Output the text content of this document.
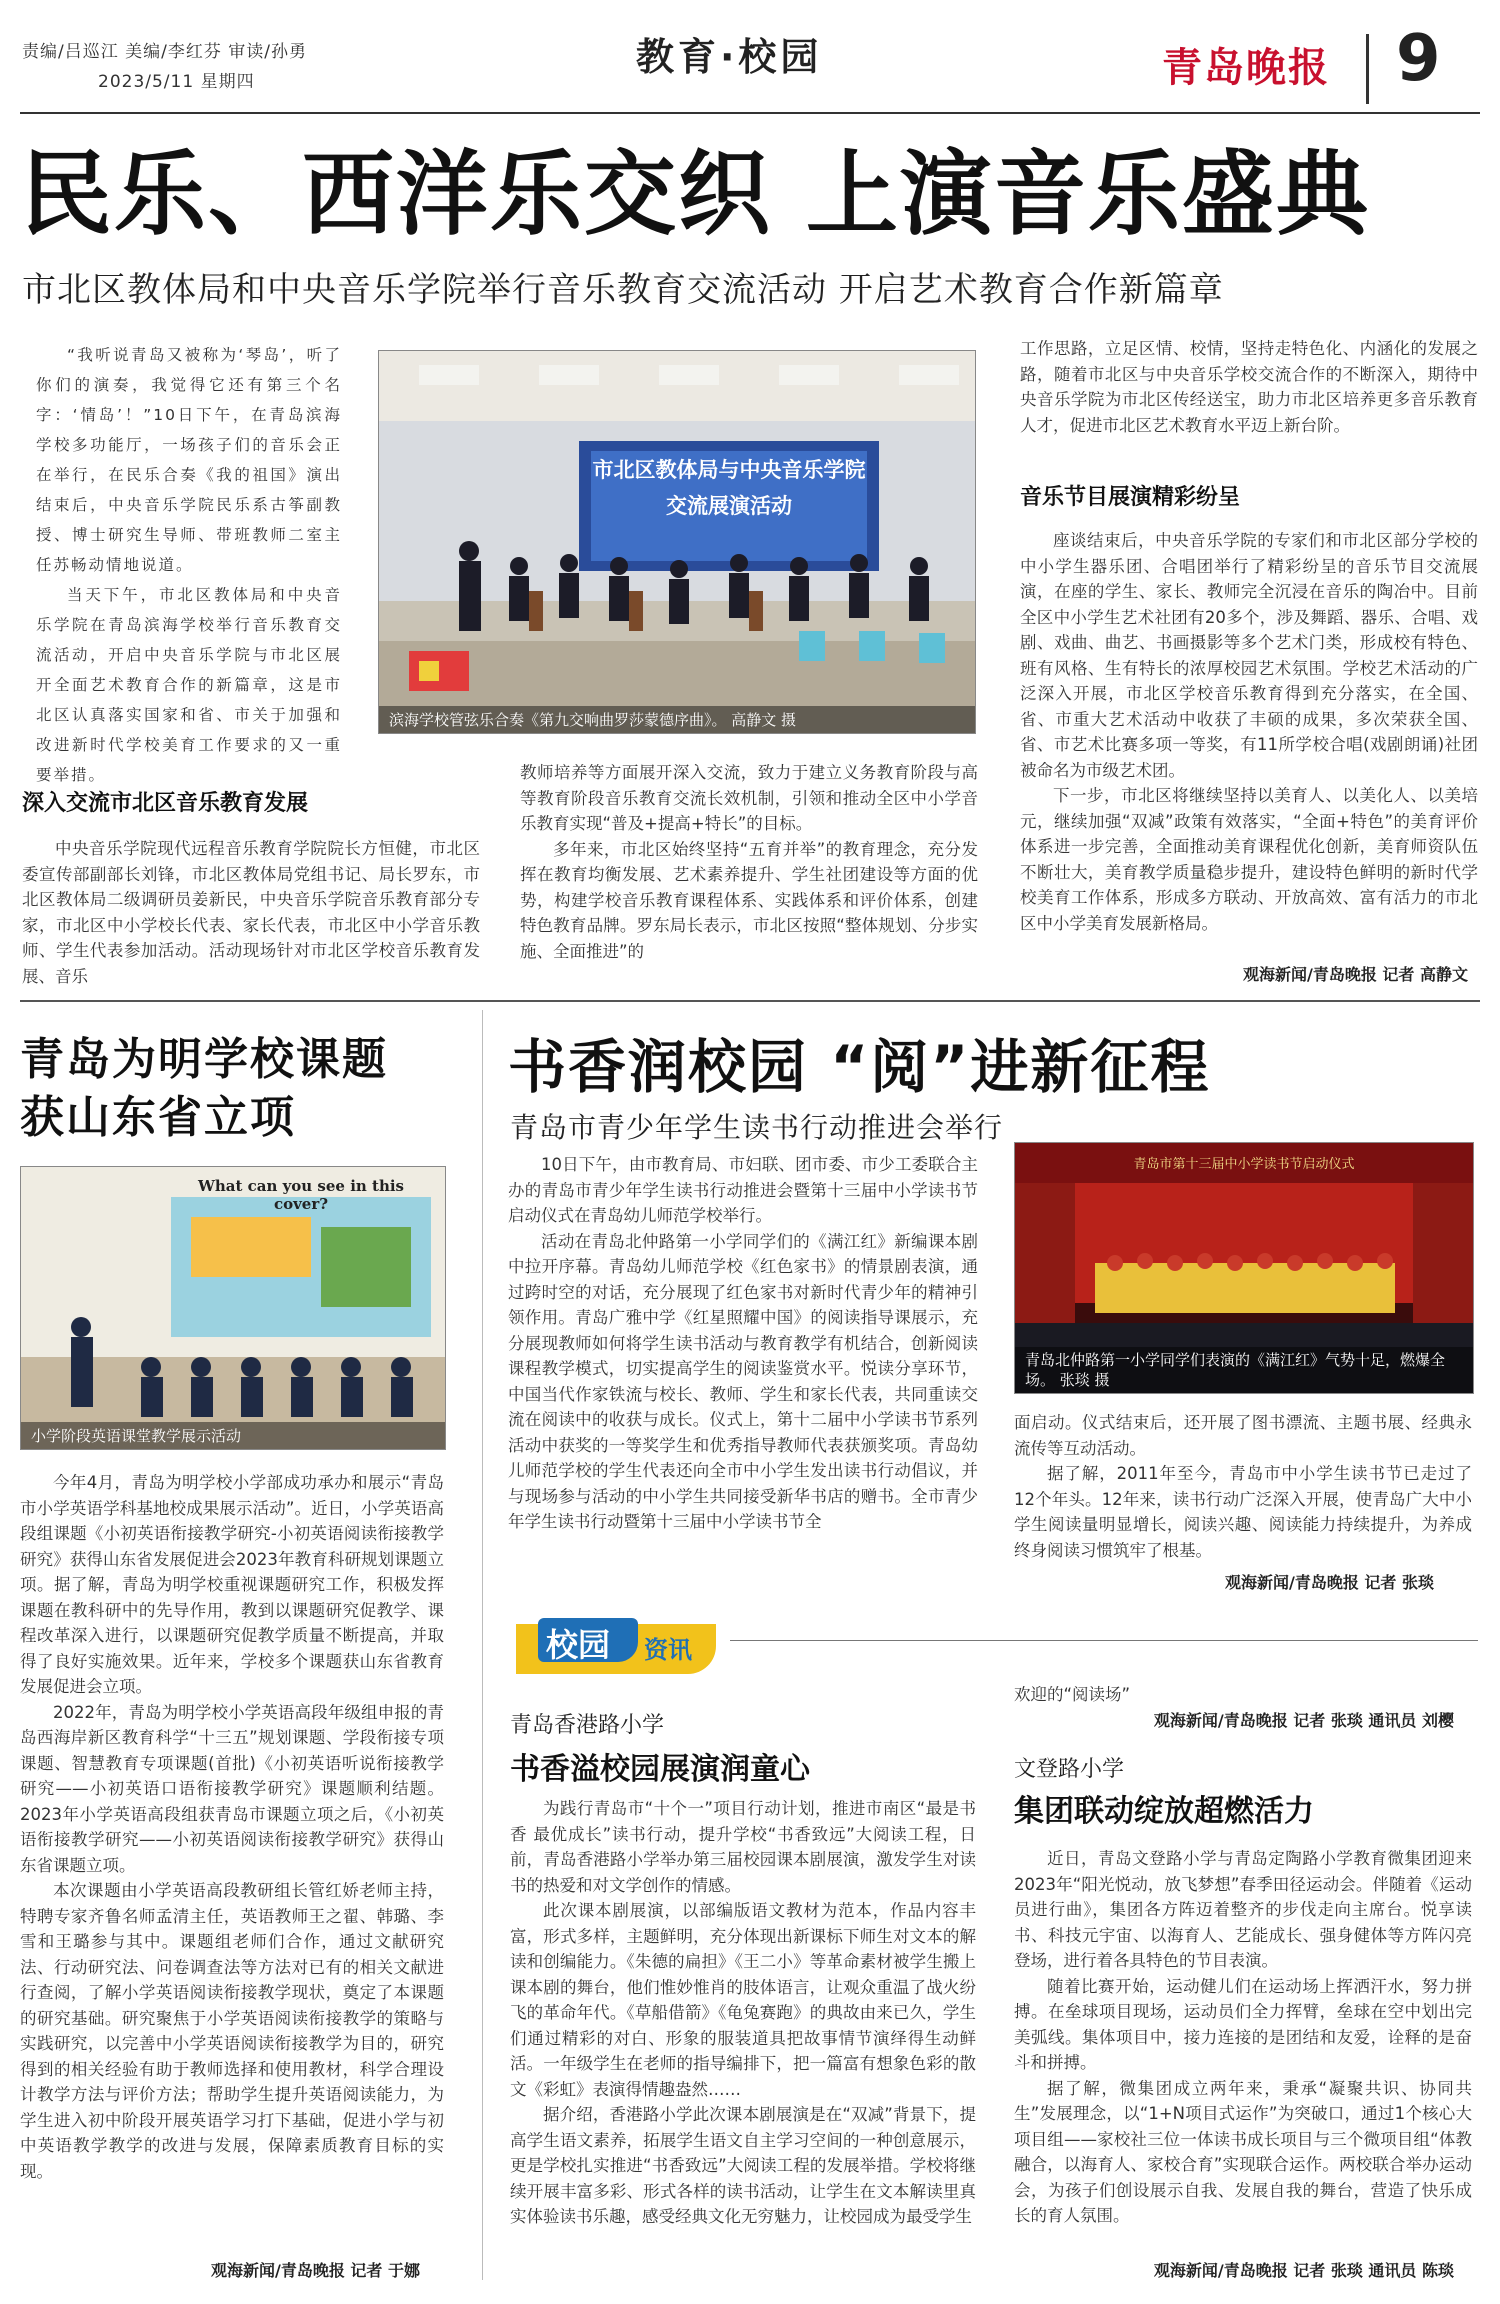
责编/吕巡江 美编/李红芬 审读/孙勇
2023/5/11 星期四
教育·校园	青岛晚报 9
民乐、西洋乐交织 上演音乐盛典
市北区教体局和中央音乐学院举行音乐教育交流活动 开启艺术教育合作新篇章

“我听说青岛又被称为‘琴岛’，听了你们的演奏，我觉得它还有第三个名字：‘情岛’！”10日下午，在青岛滨海学校多功能厅，一场孩子们的音乐会正在举行，在民乐合奏《我的祖国》演出结束后，中央音乐学院民乐系古筝副教授、博士研究生导师、带班教师二室主任苏畅动情地说道。

当天下午，市北区教体局和中央音乐学院在青岛滨海学校举行音乐教育交流活动，开启中央音乐学院与市北区展开全面艺术教育合作的新篇章，这是市北区认真落实国家和省、市关于加强和改进新时代学校美育工作要求的又一重要举措。

市北区教体局与中央音乐学院
交流展演活动
滨海学校管弦乐合奏《第九交响曲罗莎蒙德序曲》。 高静文 摄
深入交流市北区音乐教育发展

中央音乐学院现代远程音乐教育学院院长方恒健，市北区委宣传部副部长刘锋，市北区教体局党组书记、局长罗东，市北区教体局二级调研员姜新民，中央音乐学院音乐教育部分专家，市北区中小学校长代表、家长代表，市北区中小学音乐教师、学生代表参加活动。活动现场针对市北区学校音乐教育发展、音乐

教师培养等方面展开深入交流，致力于建立义务教育阶段与高等教育阶段音乐教育交流长效机制，引领和推动全区中小学音乐教育实现“普及+提高+特长”的目标。

多年来，市北区始终坚持“五育并举”的教育理念，充分发挥在教育均衡发展、艺术素养提升、学生社团建设等方面的优势，构建学校音乐教育课程体系、实践体系和评价体系，创建特色教育品牌。罗东局长表示，市北区按照“整体规划、分步实施、全面推进”的

工作思路，立足区情、校情，坚持走特色化、内涵化的发展之路，随着市北区与中央音乐学校交流合作的不断深入，期待中央音乐学院为市北区传经送宝，助力市北区培养更多音乐教育人才，促进市北区艺术教育水平迈上新台阶。

音乐节目展演精彩纷呈

座谈结束后，中央音乐学院的专家们和市北区部分学校的中小学生器乐团、合唱团举行了精彩纷呈的音乐节目交流展演，在座的学生、家长、教师完全沉浸在音乐的陶冶中。目前全区中小学生艺术社团有20多个，涉及舞蹈、器乐、合唱、戏剧、戏曲、曲艺、书画摄影等多个艺术门类，形成校有特色、班有风格、生有特长的浓厚校园艺术氛围。学校艺术活动的广泛深入开展，市北区学校音乐教育得到充分落实，在全国、省、市重大艺术活动中收获了丰硕的成果，多次荣获全国、省、市艺术比赛多项一等奖，有11所学校合唱(戏剧朗诵)社团被命名为市级艺术团。

下一步，市北区将继续坚持以美育人、以美化人、以美培元，继续加强“双减”政策有效落实，“全面+特色”的美育评价体系进一步完善，全面推动美育课程优化创新，美育师资队伍不断壮大，美育教学质量稳步提升，建设特色鲜明的新时代学校美育工作体系，形成多方联动、开放高效、富有活力的市北区中小学美育发展新格局。

观海新闻/青岛晚报 记者 高静文
青岛为明学校课题
获山东省立项
What can you see in this cover?
小学阶段英语课堂教学展示活动

今年4月，青岛为明学校小学部成功承办和展示“青岛市小学英语学科基地校成果展示活动”。近日，小学英语高段组课题《小初英语衔接教学研究-小初英语阅读衔接教学研究》获得山东省发展促进会2023年教育科研规划课题立项。据了解，青岛为明学校重视课题研究工作，积极发挥课题在教科研中的先导作用，教到以课题研究促教学、课程改革深入进行，以课题研究促教学质量不断提高，并取得了良好实施效果。近年来，学校多个课题获山东省教育发展促进会立项。

2022年，青岛为明学校小学英语高段年级组申报的青岛西海岸新区教育科学“十三五”规划课题、学段衔接专项课题、智慧教育专项课题(首批)《小初英语听说衔接教学研究——小初英语口语衔接教学研究》课题顺利结题。2023年小学英语高段组获青岛市课题立项之后，《小初英语衔接教学研究——小初英语阅读衔接教学研究》获得山东省课题立项。

本次课题由小学英语高段教研组长管红娇老师主持，特聘专家齐鲁名师孟清主任，英语教师王之翟、韩璐、李雪和王璐参与其中。课题组老师们合作，通过文献研究法、行动研究法、问卷调查法等方法对已有的相关文献进行查阅，了解小学英语阅读衔接教学现状，奠定了本课题的研究基础。研究聚焦于小学英语阅读衔接教学的策略与实践研究，以完善中小学英语阅读衔接教学为目的，研究得到的相关经验有助于教师选择和使用教材，科学合理设计教学方法与评价方法；帮助学生提升英语阅读能力，为学生进入初中阶段开展英语学习打下基础，促进小学与初中英语教学教学的改进与发展，保障素质教育目标的实现。

观海新闻/青岛晚报 记者 于娜
书香润校园 “阅”进新征程
青岛市青少年学生读书行动推进会举行

10日下午，由市教育局、市妇联、团市委、市少工委联合主办的青岛市青少年学生读书行动推进会暨第十三届中小学读书节启动仪式在青岛幼儿师范学校举行。

活动在青岛北仲路第一小学同学们的《满江红》新编课本剧中拉开序幕。青岛幼儿师范学校《红色家书》的情景剧表演，通过跨时空的对话，充分展现了红色家书对新时代青少年的精神引领作用。青岛广雅中学《红星照耀中国》的阅读指导课展示，充分展现教师如何将学生读书活动与教育教学有机结合，创新阅读课程教学模式，切实提高学生的阅读鉴赏水平。悦读分享环节，中国当代作家铁流与校长、教师、学生和家长代表，共同重读交流在阅读中的收获与成长。仪式上，第十二届中小学读书节系列活动中获奖的一等奖学生和优秀指导教师代表获颁奖项。青岛幼儿师范学校的学生代表还向全市中小学生发出读书行动倡议，并与现场参与活动的中小学生共同接受新华书店的赠书。全市青少年学生读书行动暨第十三届中小学读书节全

青岛市第十三届中小学读书节启动仪式
青岛北仲路第一小学同学们表演的《满江红》气势十足，燃爆全场。 张琰 摄

面启动。仪式结束后，还开展了图书漂流、主题书展、经典永流传等互动活动。

据了解，2011年至今，青岛市中小学生读书节已走过了12个年头。12年来，读书行动广泛深入开展，使青岛广大中小学生阅读量明显增长，阅读兴趣、阅读能力持续提升，为养成终身阅读习惯筑牢了根基。

观海新闻/青岛晚报 记者 张琰
校园 资讯
青岛香港路小学
书香溢校园展演润童心

为践行青岛市“十个一”项目行动计划，推进市南区“最是书香 最优成长”读书行动，提升学校“书香致远”大阅读工程，日前，青岛香港路小学举办第三届校园课本剧展演，激发学生对读书的热爱和对文学创作的情感。

此次课本剧展演，以部编版语文教材为范本，作品内容丰富，形式多样，主题鲜明，充分体现出新课标下师生对文本的解读和创编能力。《朱德的扁担》《王二小》等革命素材被学生搬上课本剧的舞台，他们惟妙惟肖的肢体语言，让观众重温了战火纷飞的革命年代。《草船借箭》《龟兔赛跑》的典故由来已久，学生们通过精彩的对白、形象的服装道具把故事情节演绎得生动鲜活。一年级学生在老师的指导编排下，把一篇富有想象色彩的散文《彩虹》表演得情趣盎然……

据介绍，香港路小学此次课本剧展演是在“双减”背景下，提高学生语文素养，拓展学生语文自主学习空间的一种创意展示，更是学校扎实推进“书香致远”大阅读工程的发展举措。学校将继续开展丰富多彩、形式各样的读书活动，让学生在文本解读里真实体验读书乐趣，感受经典文化无穷魅力，让校园成为最受学生

欢迎的“阅读场”
观海新闻/青岛晚报 记者 张琰 通讯员 刘樱
文登路小学
集团联动绽放超燃活力

近日，青岛文登路小学与青岛定陶路小学教育微集团迎来2023年“阳光悦动，放飞梦想”春季田径运动会。伴随着《运动员进行曲》，集团各方阵迈着整齐的步伐走向主席台。悦享读书、科技元宇宙、以海育人、艺能成长、强身健体等方阵闪亮登场，进行着各具特色的节目表演。

随着比赛开始，运动健儿们在运动场上挥洒汗水，努力拼搏。在垒球项目现场，运动员们全力挥臂，垒球在空中划出完美弧线。集体项目中，接力连接的是团结和友爱，诠释的是奋斗和拼搏。

据了解，微集团成立两年来，秉承“凝聚共识、协同共生”发展理念，以“1+N项目式运作”为突破口，通过1个核心大项目组——家校社三位一体读书成长项目与三个微项目组“体教融合，以海育人、家校合育”实现联合运作。两校联合举办运动会，为孩子们创设展示自我、发展自我的舞台，营造了快乐成长的育人氛围。

观海新闻/青岛晚报 记者 张琰 通讯员 陈琰
